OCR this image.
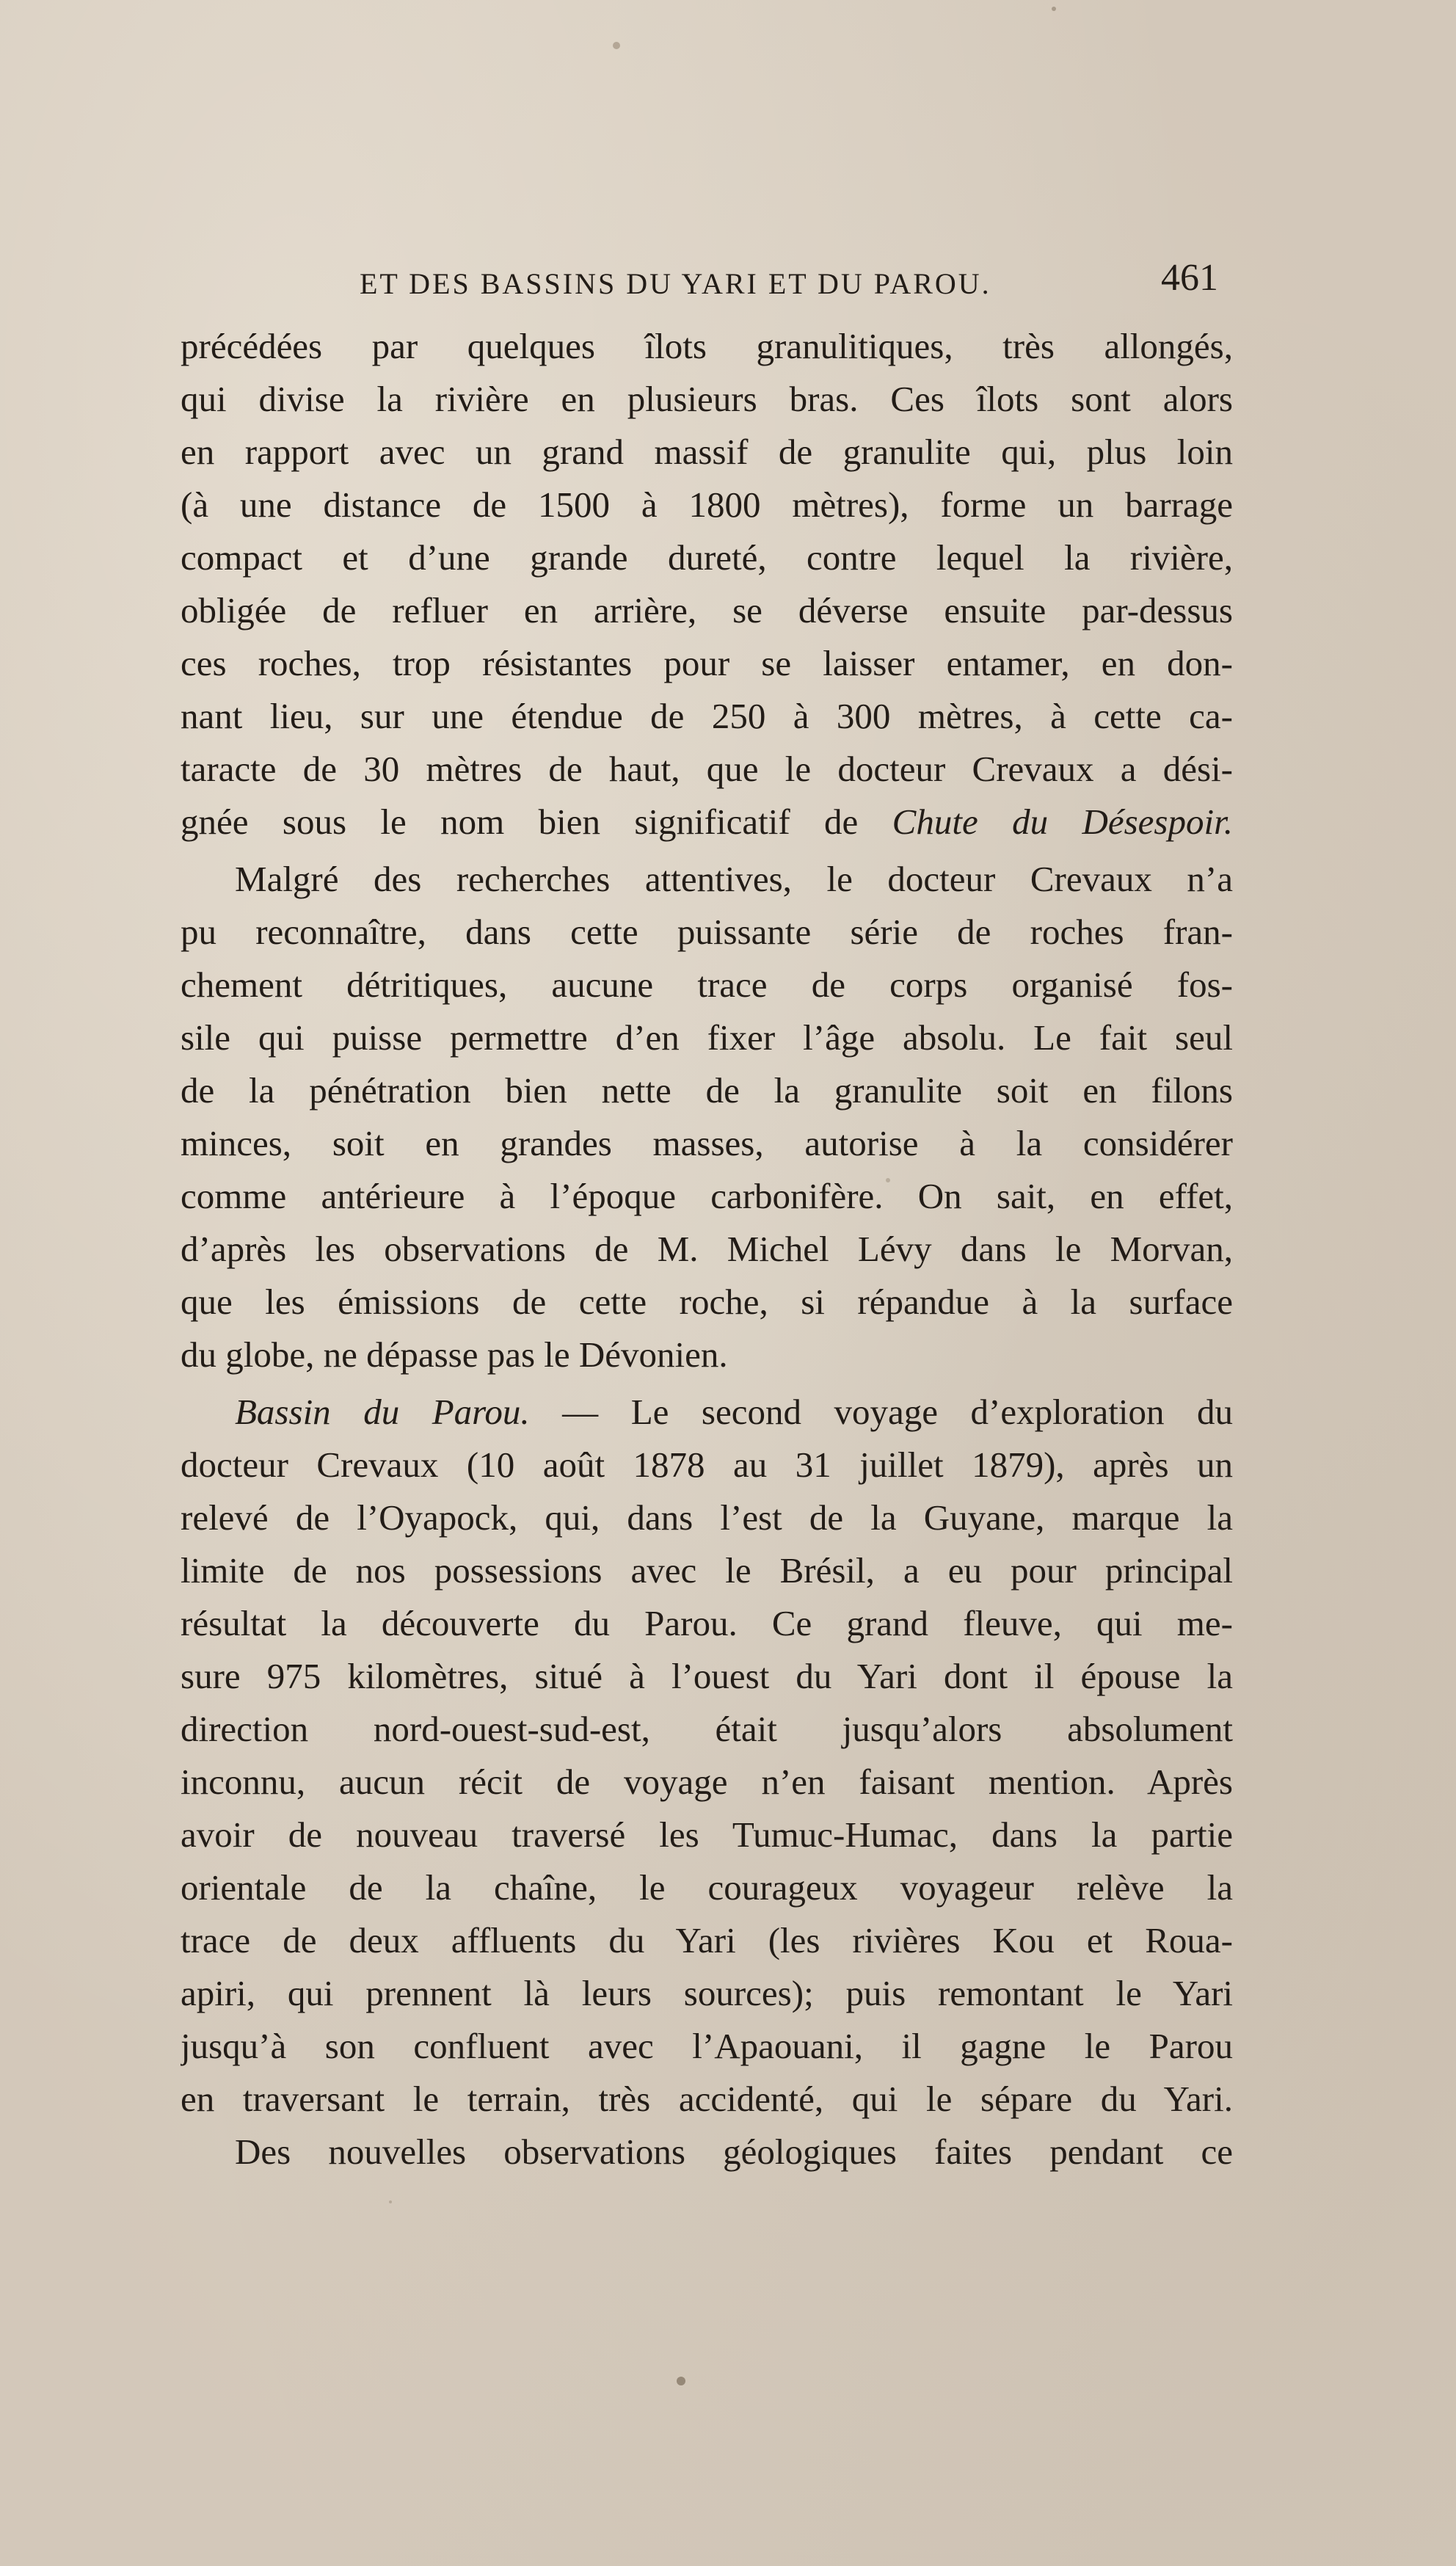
ET DES BASSINS DU YARI ET DU PAROU.	461
précédées par quelques îlots granulitiques, très allongés,
qui divise la rivière en plusieurs bras. Ces îlots sont alors
en rapport avec un grand massif de granulite qui, plus loin
(à une distance de 1500 à 1800 mètres), forme un barrage
compact et d’une grande dureté, contre lequel la rivière,
obligée de refluer en arrière, se déverse ensuite par-dessus
ces roches, trop résistantes pour se laisser entamer, en don-
nant lieu, sur une étendue de 250 à 300 mètres, à cette ca-
taracte de 30 mètres de haut, que le docteur Crevaux a dési-
gnée sous le nom bien significatif de Chute du Désespoir.
Malgré des recherches attentives, le docteur Crevaux n’a
pu reconnaître, dans cette puissante série de roches fran-
chement détritiques, aucune trace de corps organisé fos-
sile qui puisse permettre d’en fixer l’âge absolu. Le fait seul
de la pénétration bien nette de la granulite soit en filons
minces, soit en grandes masses, autorise à la considérer
comme antérieure à l’époque carbonifère. On sait, en effet,
d’après les observations de M. Michel Lévy dans le Morvan,
que les émissions de cette roche, si répandue à la surface
du globe, ne dépasse pas le Dévonien.
Bassin du Parou. — Le second voyage d’exploration du
docteur Crevaux (10 août 1878 au 31 juillet 1879), après un
relevé de l’Oyapock, qui, dans l’est de la Guyane, marque la
limite de nos possessions avec le Brésil, a eu pour principal
résultat la découverte du Parou. Ce grand fleuve, qui me-
sure 975 kilomètres, situé à l’ouest du Yari dont il épouse la
direction nord-ouest-sud-est, était jusqu’alors absolument
inconnu, aucun récit de voyage n’en faisant mention. Après
avoir de nouveau traversé les Tumuc-Humac, dans la partie
orientale de la chaîne, le courageux voyageur relève la
trace de deux affluents du Yari (les rivières Kou et Roua-
apiri, qui prennent là leurs sources); puis remontant le Yari
jusqu’à son confluent avec l’Apaouani, il gagne le Parou
en traversant le terrain, très accidenté, qui le sépare du Yari.
Des nouvelles observations géologiques faites pendant ce
